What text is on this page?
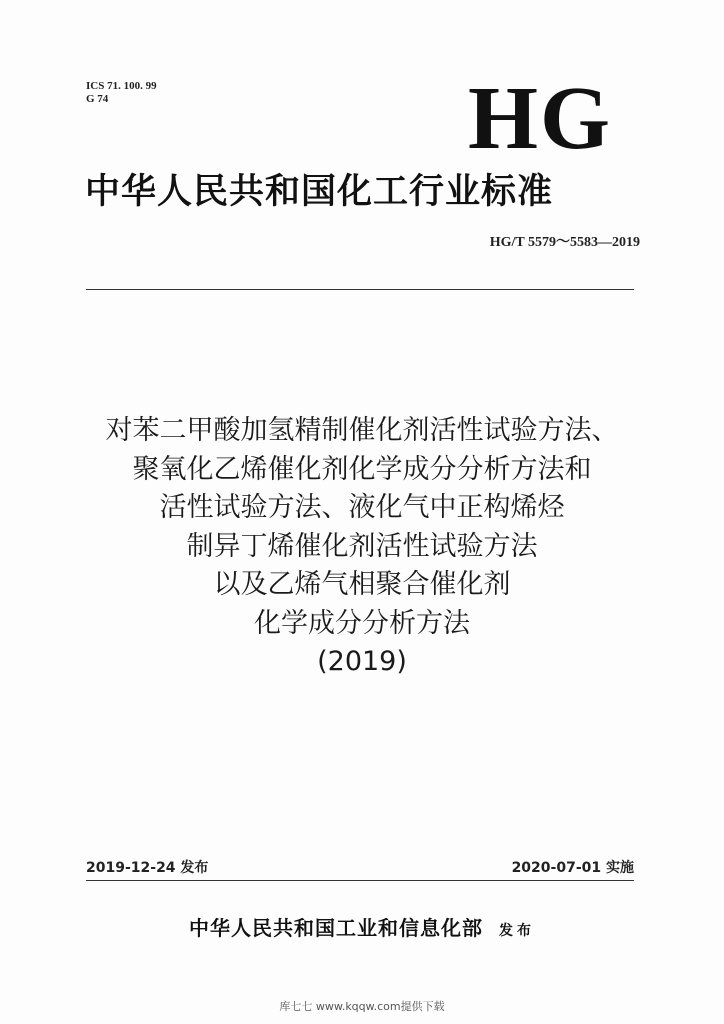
ICS 71. 100. 99
G 74	HG
中华人民共和国化工行业标准
HG/T 5579～5583—2019
对苯二甲酸加氢精制催化剂活性试验方法、
聚氧化乙烯催化剂化学成分分析方法和
活性试验方法、液化气中正构烯烃
制异丁烯催化剂活性试验方法
以及乙烯气相聚合催化剂
化学成分分析方法
(2019)
2019-12-24 发布	2020-07-01 实施
中华人民共和国工业和信息化部 发布
库七七 www.kqqw.com提供下载
